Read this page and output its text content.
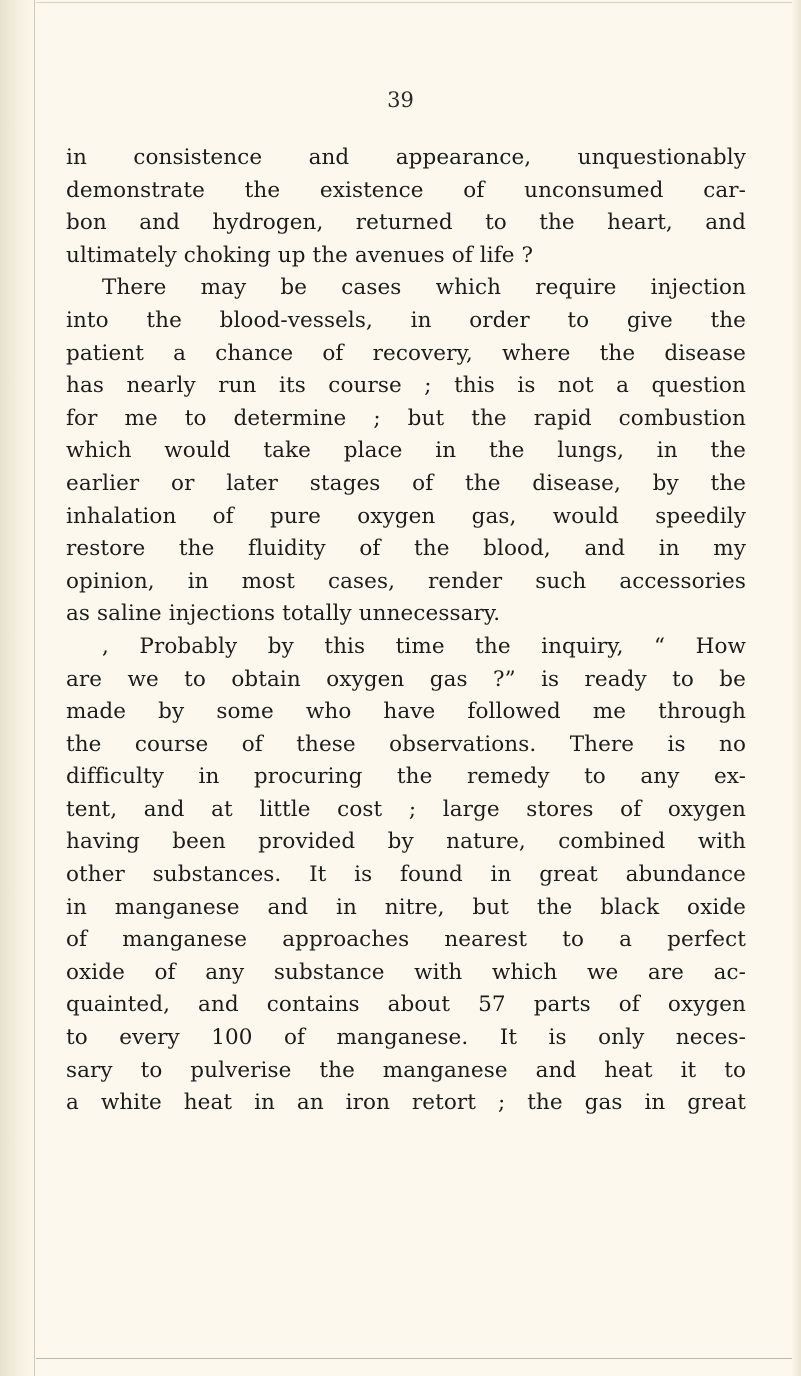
39
in consistence and appearance, unquestionably
demonstrate the existence of unconsumed car-
bon and hydrogen, returned to the heart, and
ultimately choking up the avenues of life ?
There may be cases which require injection
into the blood-vessels, in order to give the
patient a chance of recovery, where the disease
has nearly run its course ; this is not a question
for me to determine ; but the rapid combustion
which would take place in the lungs, in the
earlier or later stages of the disease, by the
inhalation of pure oxygen gas, would speedily
restore the fluidity of the blood, and in my
opinion, in most cases, render such accessories
as saline injections totally unnecessary.
, Probably by this time the inquiry, “ How
are we to obtain oxygen gas ?” is ready to be
made by some who have followed me through
the course of these observations. There is no
difficulty in procuring the remedy to any ex-
tent, and at little cost ; large stores of oxygen
having been provided by nature, combined with
other substances. It is found in great abundance
in manganese and in nitre, but the black oxide
of manganese approaches nearest to a perfect
oxide of any substance with which we are ac-
quainted, and contains about 57 parts of oxygen
to every 100 of manganese. It is only neces-
sary to pulverise the manganese and heat it to
a white heat in an iron retort ; the gas in great
